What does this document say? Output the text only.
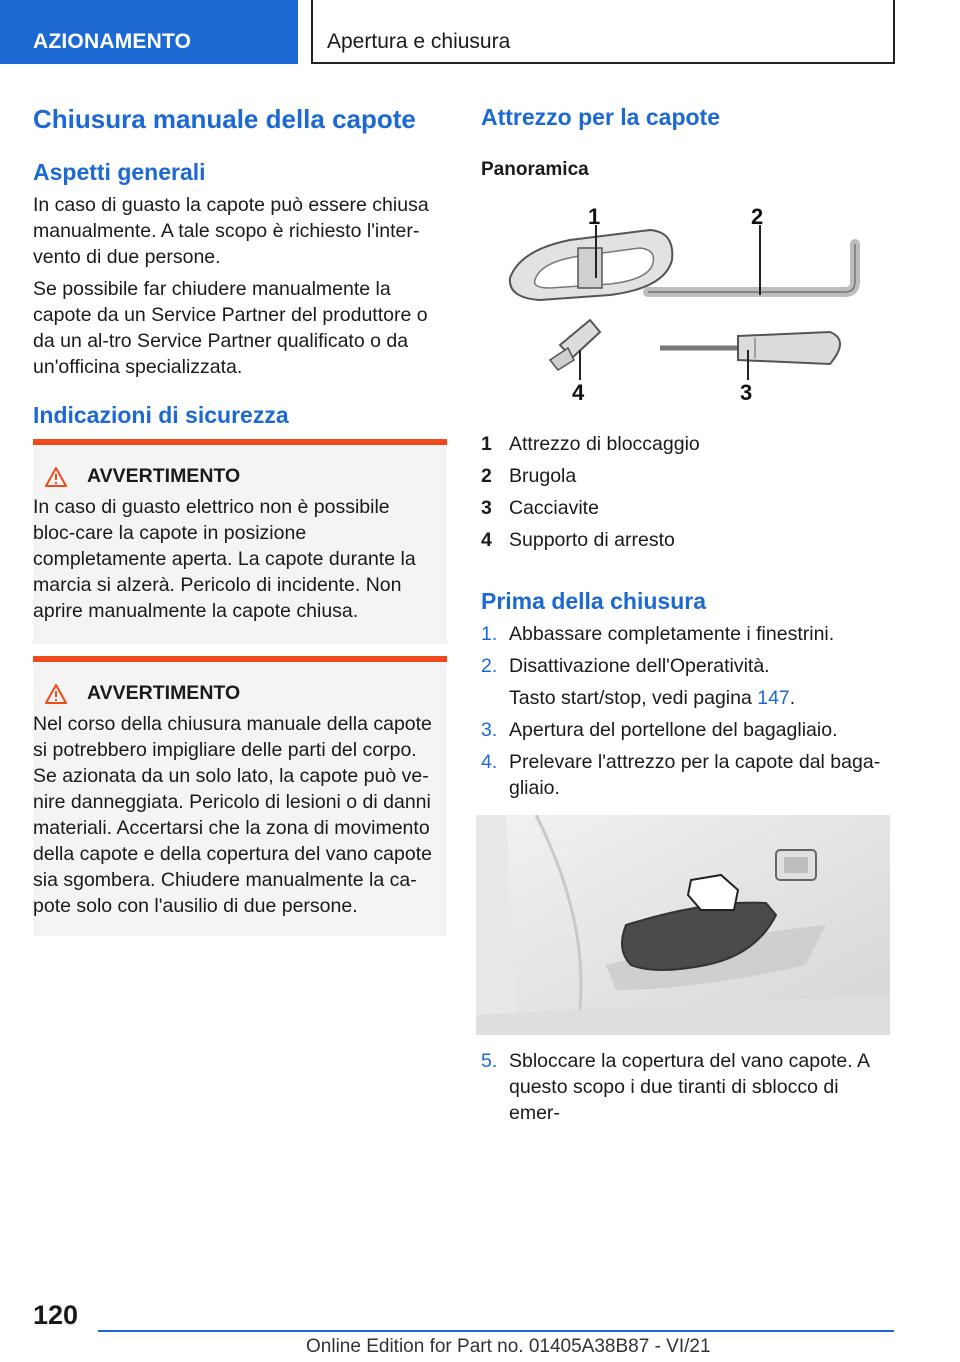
AZIONAMENTO	Apertura e chiusura
Chiusura manuale della capote
Aspetti generali
In caso di guasto la capote può essere chiusa manualmente. A tale scopo è richiesto l'inter-vento di due persone.
Se possibile far chiudere manualmente la capote da un Service Partner del produttore o da un al-tro Service Partner qualificato o da un'officina specializzata.
Indicazioni di sicurezza
AVVERTIMENTO
In caso di guasto elettrico non è possibile bloc-care la capote in posizione completamente aperta. La capote durante la marcia si alzerà. Pericolo di incidente. Non aprire manualmente la capote chiusa.
AVVERTIMENTO
Nel corso della chiusura manuale della capote si potrebbero impigliare delle parti del corpo. Se azionata da un solo lato, la capote può ve-nire danneggiata. Pericolo di lesioni o di danni materiali. Accertarsi che la zona di movimento della capote e della copertura del vano capote sia sgombera. Chiudere manualmente la ca-pote solo con l'ausilio di due persone.
Attrezzo per la capote
Panoramica
1	2
3
4
1 Attrezzo di bloccaggio
2 Brugola
3 Cacciavite
4 Supporto di arresto
Prima della chiusura
1. Abbassare completamente i finestrini.
2. Disattivazione dell'Operatività.
Tasto start/stop, vedi pagina 147.
3. Apertura del portellone del bagagliaio.
4. Prelevare l'attrezzo per la capote dal baga-gliaio.
5. Sbloccare la copertura del vano capote. A questo scopo i due tiranti di sblocco di emer-
120
Online Edition for Part no. 01405A38B87 - VI/21
